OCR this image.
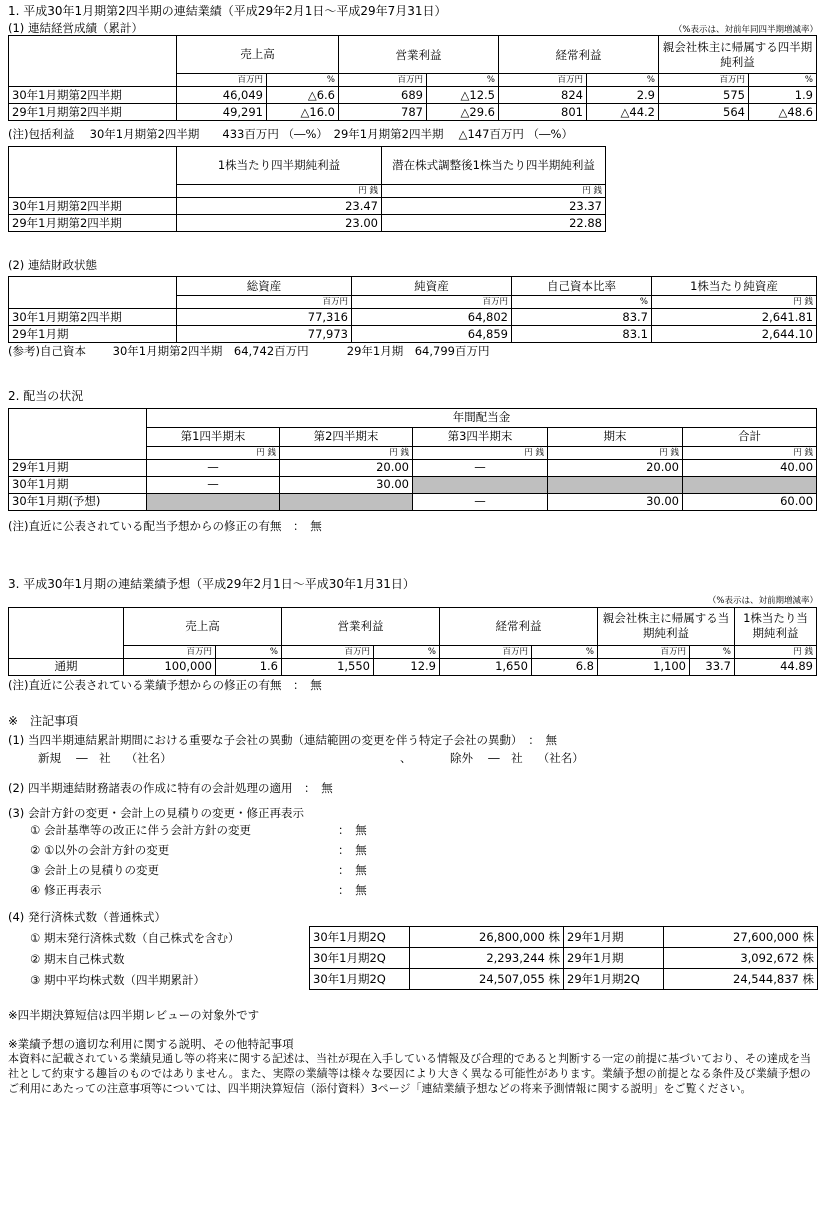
1. 平成30年1月期第2四半期の連結業績（平成29年2月1日～平成29年7月31日）
(1) 連結経営成績（累計）	（%表示は、対前年同四半期増減率）
	売上高		営業利益		経常利益		親会社株主に帰属する四半期純利益	
	百万円	%	百万円	%	百万円	%	百万円	%
30年1月期第2四半期	46,049	△6.6	689	△12.5	824	2.9	575	1.9
29年1月期第2四半期	49,291	△16.0	787	△29.6	801	△44.2	564	△48.6
(注)包括利益　 30年1月期第2四半期　　433百万円 （―%）　29年1月期第2四半期　 △147百万円 （―%）
	1株当たり四半期純利益	潜在株式調整後1株当たり四半期純利益
	円 銭	円 銭
30年1月期第2四半期	23.47	23.37
29年1月期第2四半期	23.00	22.88
(2) 連結財政状態
	総資産	純資産	自己資本比率	1株当たり純資産
	百万円	百万円	%	円 銭
30年1月期第2四半期	77,316	64,802	83.7	2,641.81
29年1月期	77,973	64,859	83.1	2,644.10
(参考)自己資本　　 30年1月期第2四半期　64,742百万円　　　 29年1月期　64,799百万円
2. 配当の状況
	年間配当金				
	第1四半期末	第2四半期末	第3四半期末	期末	合計
	円 銭	円 銭	円 銭	円 銭	円 銭
29年1月期	—	20.00	—	20.00	40.00
30年1月期	—	30.00			
30年1月期(予想)			—	30.00	60.00
(注)直近に公表されている配当予想からの修正の有無　：　無
3. 平成30年1月期の連結業績予想（平成29年2月1日～平成30年1月31日）
（%表示は、対前期増減率）
	売上高		営業利益		経常利益		親会社株主に帰属する当期純利益		1株当たり当期純利益
	百万円	%	百万円	%	百万円	%	百万円	%	円 銭
通期	100,000	1.6	1,550	12.9	1,650	6.8	1,100	33.7	44.89
(注)直近に公表されている業績予想からの修正の有無　：　無
※　注記事項
(1) 当四半期連結累計期間における重要な子会社の異動（連結範囲の変更を伴う特定子会社の異動）　：　無
新規　 ―　社　 （社名）	、	除外　 ―　社　 （社名）
(2) 四半期連結財務諸表の作成に特有の会計処理の適用　：　無
(3) 会計方針の変更・会計上の見積りの変更・修正再表示
① 会計基準等の改正に伴う会計方針の変更	：　無
② ①以外の会計方針の変更	：　無
③ 会計上の見積りの変更	：　無
④ 修正再表示	：　無
(4) 発行済株式数（普通株式）
① 期末発行済株式数（自己株式を含む）
② 期末自己株式数
③ 期中平均株式数（四半期累計）
30年1月期2Q	26,800,000 株	29年1月期	27,600,000 株
30年1月期2Q	2,293,244 株	29年1月期	3,092,672 株
30年1月期2Q	24,507,055 株	29年1月期2Q	24,544,837 株
※四半期決算短信は四半期レビューの対象外です
※業績予想の適切な利用に関する説明、その他特記事項
本資料に記載されている業績見通し等の将来に関する記述は、当社が現在入手している情報及び合理的であると判断する一定の前提に基づいており、その達成を当社として約束する趣旨のものではありません。また、実際の業績等は様々な要因により大きく異なる可能性があります。業績予想の前提となる条件及び業績予想のご利用にあたっての注意事項等については、四半期決算短信（添付資料）3ページ「連結業績予想などの将来予測情報に関する説明」をご覧ください。
